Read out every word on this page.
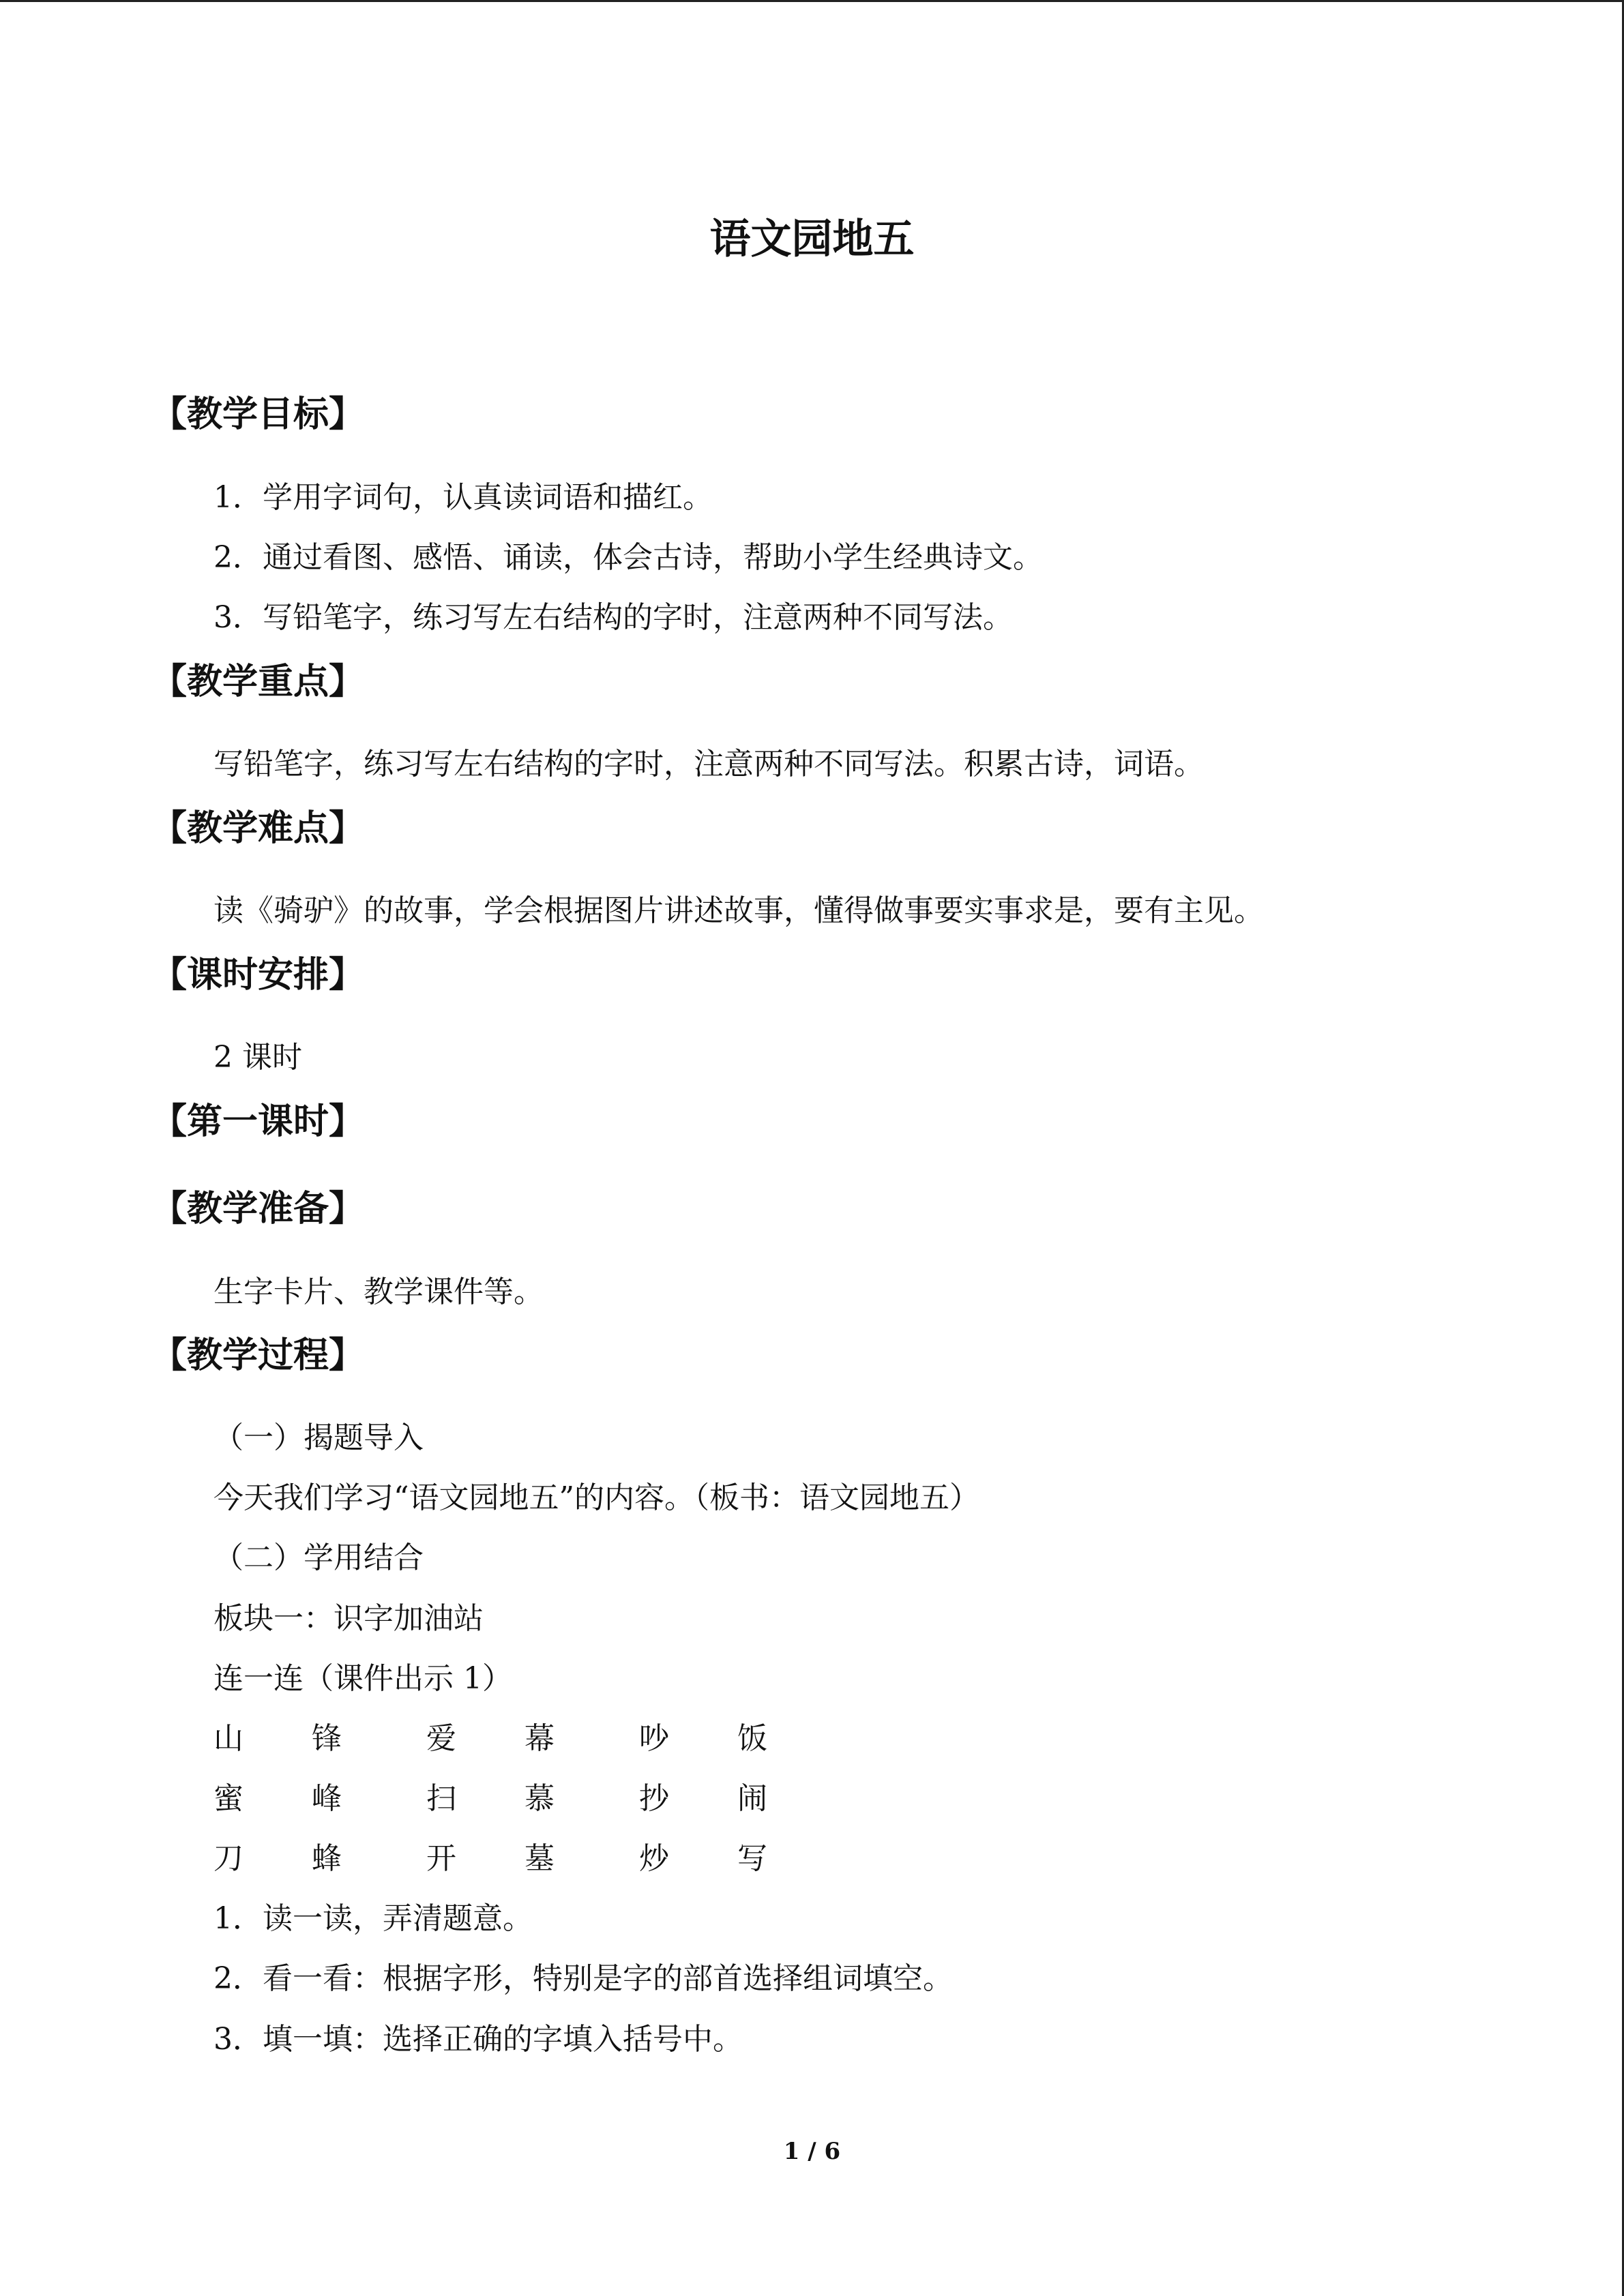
语文园地五
【教学目标】
1．学用字词句，认真读词语和描红。
2．通过看图、感悟、诵读，体会古诗，帮助小学生经典诗文。
3．写铅笔字，练习写左右结构的字时，注意两种不同写法。
【教学重点】
写铅笔字，练习写左右结构的字时，注意两种不同写法。积累古诗，词语。
【教学难点】
读《骑驴》的故事，学会根据图片讲述故事，懂得做事要实事求是，要有主见。
【课时安排】
2 课时
【第一课时】
【教学准备】
生字卡片、教学课件等。
【教学过程】
（一）揭题导入
今天我们学习“语文园地五”的内容。（板书：语文园地五）
（二）学用结合
板块一：识字加油站
连一连（课件出示 1）
山 锋	爱 幕	吵 饭
蜜 峰	扫 慕	抄 闹
刀 蜂	开 墓	炒 写
1．读一读，弄清题意。
2．看一看：根据字形，特别是字的部首选择组词填空。
3．填一填：选择正确的字填入括号中。
1 / 6
